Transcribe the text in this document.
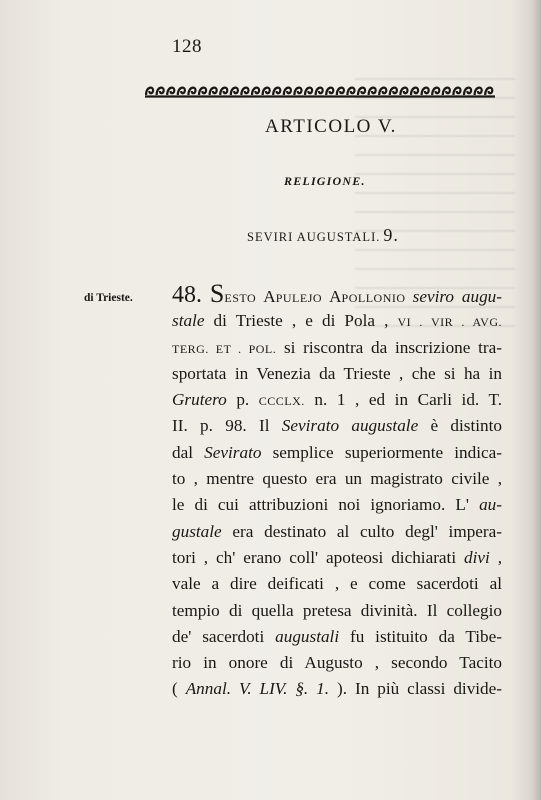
128
ARTICOLO V.
RELIGIONE.
SEVIRI AUGUSTALI. 9.
di Trieste. 48. SESTO APULEJO APOLLONIO seviro augu-
stale di Trieste , e di Pola , VI . VIR . AVG.
TERG. ET . POL. si riscontra da inscrizione tra-
sportata in Venezia da Trieste , che si ha in
Grutero p. CCCLX. n. 1 , ed in Carli id. T.
II. p. 98. Il Sevirato augustale è distinto
dal Sevirato semplice superiormente indica-
to , mentre questo era un magistrato civile ,
le di cui attribuzioni noi ignoriamo. L' au-
gustale era destinato al culto degl' impera-
tori , ch' erano coll' apoteosi dichiarati divi ,
vale a dire deificati , e come sacerdoti al
tempio di quella pretesa divinità. Il collegio
de' sacerdoti augustali fu istituito da Tibe-
rio in onore di Augusto , secondo Tacito
( Annal. V. LIV. §. 1. ). In più classi divide-
